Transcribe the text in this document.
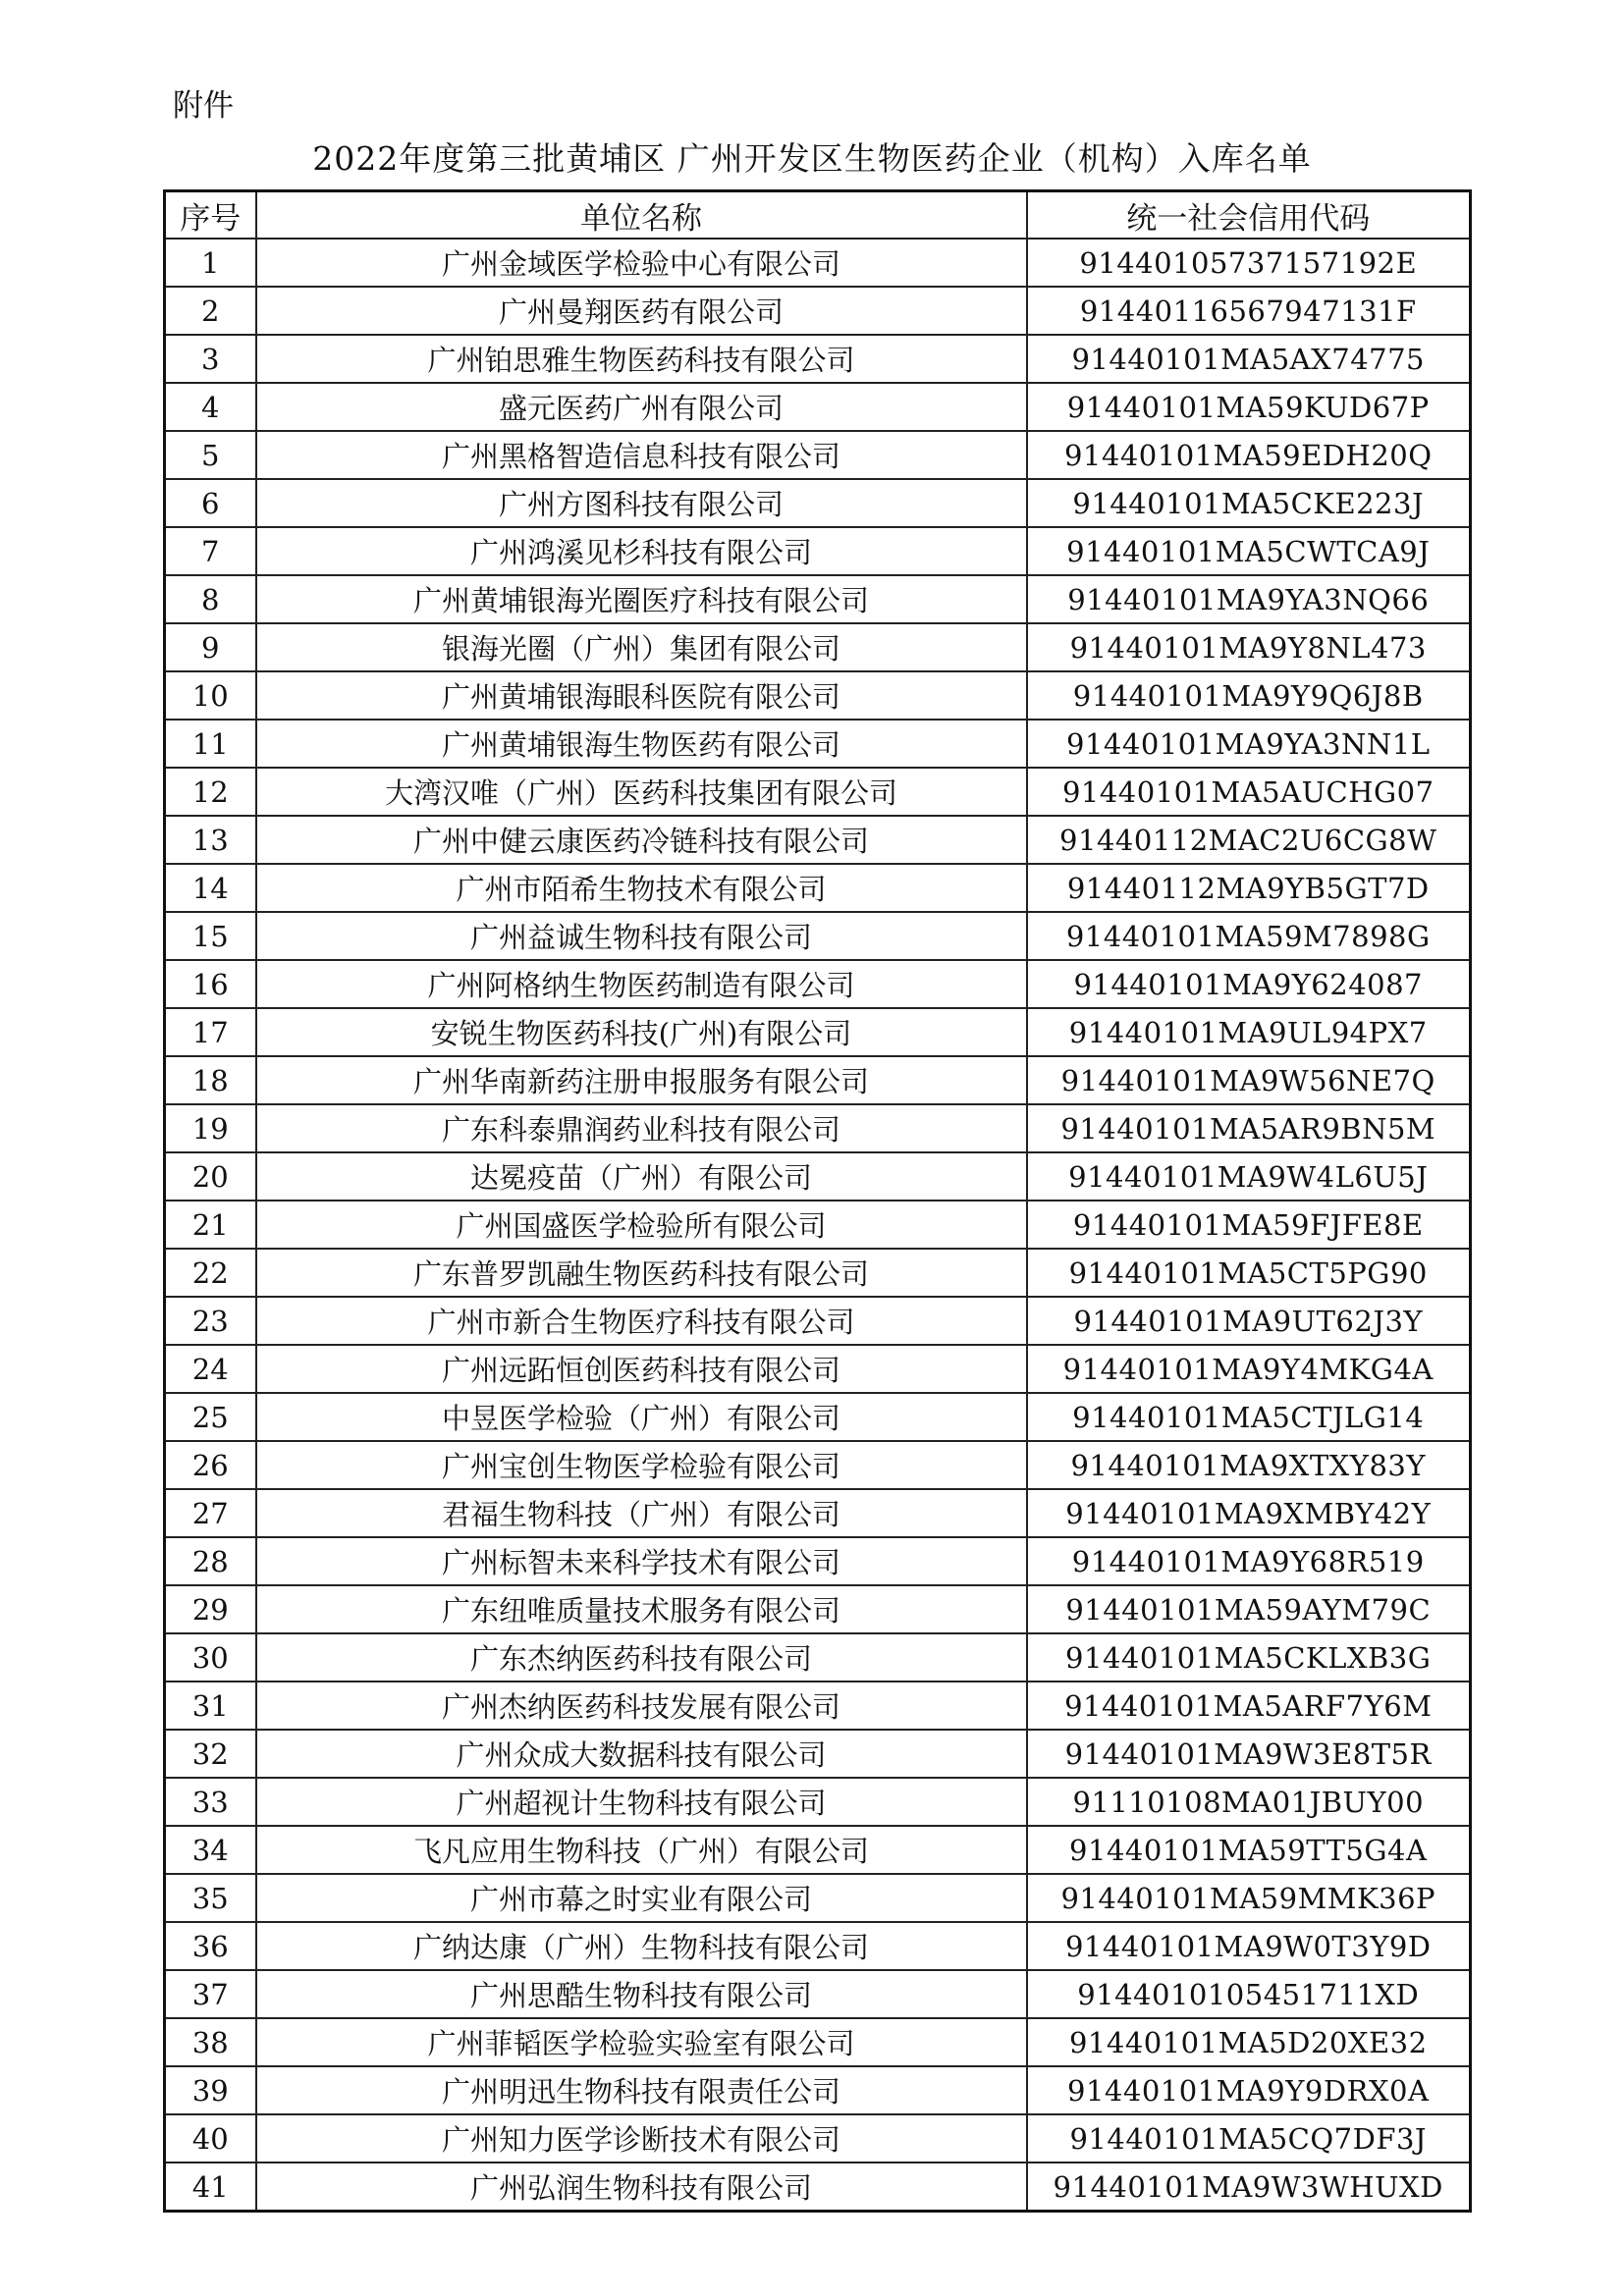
附件
2022年度第三批黄埔区 广州开发区生物医药企业（机构）入库名单
序号	单位名称	统一社会信用代码
1	广州金域医学检验中心有限公司	91440105737157192E
2	广州曼翔医药有限公司	91440116567947131F
3	广州铂思雅生物医药科技有限公司	91440101MA5AX74775
4	盛元医药广州有限公司	91440101MA59KUD67P
5	广州黑格智造信息科技有限公司	91440101MA59EDH20Q
6	广州方图科技有限公司	91440101MA5CKE223J
7	广州鸿溪见杉科技有限公司	91440101MA5CWTCA9J
8	广州黄埔银海光圈医疗科技有限公司	91440101MA9YA3NQ66
9	银海光圈（广州）集团有限公司	91440101MA9Y8NL473
10	广州黄埔银海眼科医院有限公司	91440101MA9Y9Q6J8B
11	广州黄埔银海生物医药有限公司	91440101MA9YA3NN1L
12	大湾汉唯（广州）医药科技集团有限公司	91440101MA5AUCHG07
13	广州中健云康医药冷链科技有限公司	91440112MAC2U6CG8W
14	广州市陌希生物技术有限公司	91440112MA9YB5GT7D
15	广州益诚生物科技有限公司	91440101MA59M7898G
16	广州阿格纳生物医药制造有限公司	91440101MA9Y624087
17	安锐生物医药科技(广州)有限公司	91440101MA9UL94PX7
18	广州华南新药注册申报服务有限公司	91440101MA9W56NE7Q
19	广东科泰鼎润药业科技有限公司	91440101MA5AR9BN5M
20	达冕疫苗（广州）有限公司	91440101MA9W4L6U5J
21	广州国盛医学检验所有限公司	91440101MA59FJFE8E
22	广东普罗凯融生物医药科技有限公司	91440101MA5CT5PG90
23	广州市新合生物医疗科技有限公司	91440101MA9UT62J3Y
24	广州远跖恒创医药科技有限公司	91440101MA9Y4MKG4A
25	中昱医学检验（广州）有限公司	91440101MA5CTJLG14
26	广州宝创生物医学检验有限公司	91440101MA9XTXY83Y
27	君福生物科技（广州）有限公司	91440101MA9XMBY42Y
28	广州标智未来科学技术有限公司	91440101MA9Y68R519
29	广东纽唯质量技术服务有限公司	91440101MA59AYM79C
30	广东杰纳医药科技有限公司	91440101MA5CKLXB3G
31	广州杰纳医药科技发展有限公司	91440101MA5ARF7Y6M
32	广州众成大数据科技有限公司	91440101MA9W3E8T5R
33	广州超视计生物科技有限公司	91110108MA01JBUY00
34	飞凡应用生物科技（广州）有限公司	91440101MA59TT5G4A
35	广州市幕之时实业有限公司	91440101MA59MMK36P
36	广纳达康（广州）生物科技有限公司	91440101MA9W0T3Y9D
37	广州思酷生物科技有限公司	9144010105451711XD
38	广州菲韬医学检验实验室有限公司	91440101MA5D20XE32
39	广州明迅生物科技有限责任公司	91440101MA9Y9DRX0A
40	广州知力医学诊断技术有限公司	91440101MA5CQ7DF3J
41	广州弘润生物科技有限公司	91440101MA9W3WHUXD
